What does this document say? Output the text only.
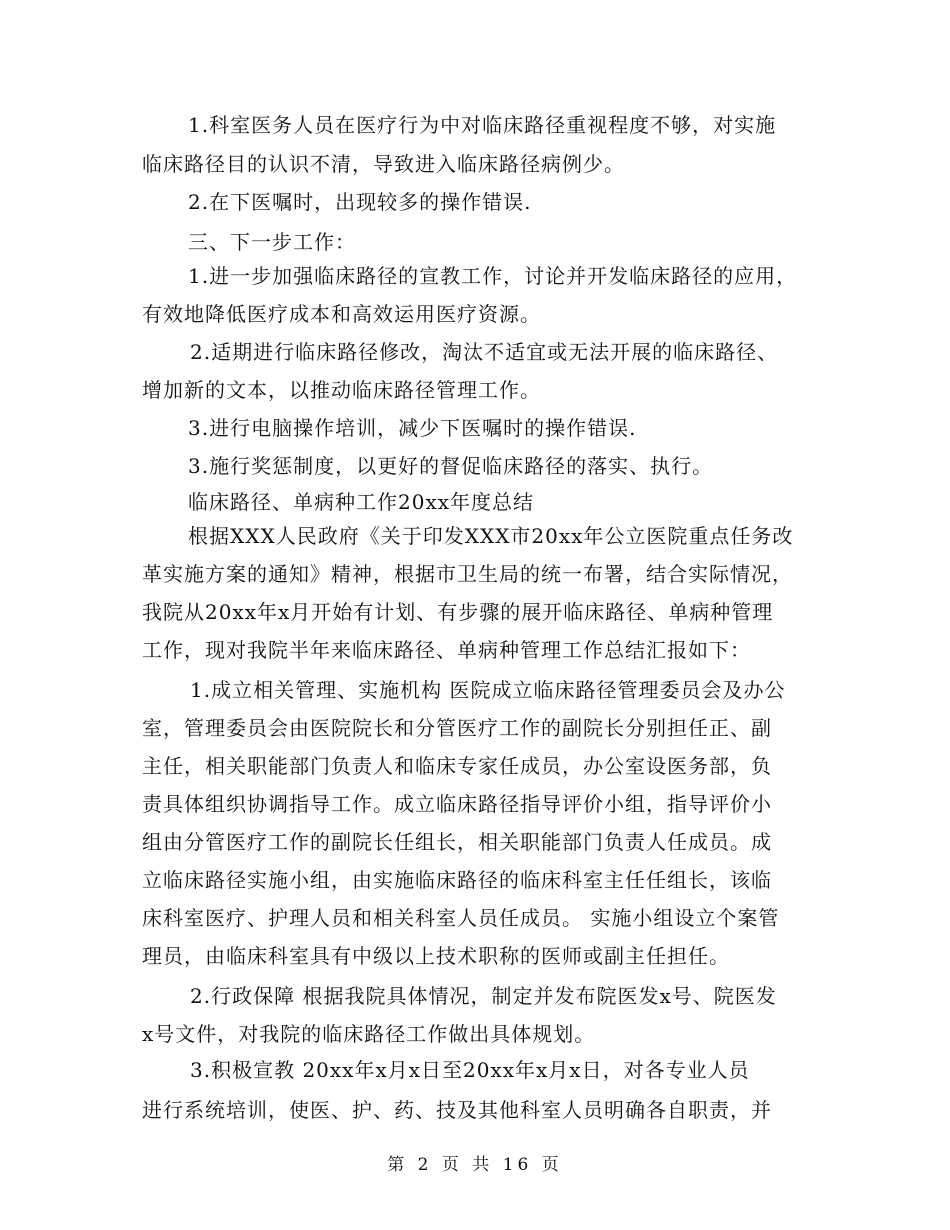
1.科室医务人员在医疗行为中对临床路径重视程度不够，对实施
临床路径目的认识不清，导致进入临床路径病例少。
2.在下医嘱时，出现较多的操作错误.
三、下一步工作：
1.进一步加强临床路径的宣教工作，讨论并开发临床路径的应用，
有效地降低医疗成本和高效运用医疗资源。
2.适期进行临床路径修改，淘汰不适宜或无法开展的临床路径、
增加新的文本，以推动临床路径管理工作。
3.进行电脑操作培训，减少下医嘱时的操作错误.
3.施行奖惩制度，以更好的督促临床路径的落实、执行。
临床路径、单病种工作20xx年度总结
根据XXX人民政府《关于印发XXX市20xx年公立医院重点任务改
革实施方案的通知》精神，根据市卫生局的统一布署，结合实际情况，
我院从20xx年x月开始有计划、有步骤的展开临床路径、单病种管理
工作，现对我院半年来临床路径、单病种管理工作总结汇报如下：
1.成立相关管理、实施机构 医院成立临床路径管理委员会及办公
室，管理委员会由医院院长和分管医疗工作的副院长分别担任正、副
主任，相关职能部门负责人和临床专家任成员，办公室设医务部，负
责具体组织协调指导工作。成立临床路径指导评价小组，指导评价小
组由分管医疗工作的副院长任组长，相关职能部门负责人任成员。成
立临床路径实施小组，由实施临床路径的临床科室主任任组长，该临
床科室医疗、护理人员和相关科室人员任成员。 实施小组设立个案管
理员，由临床科室具有中级以上技术职称的医师或副主任担任。
2.行政保障 根据我院具体情况，制定并发布院医发x号、院医发
x号文件，对我院的临床路径工作做出具体规划。
3.积极宣教 20xx年x月x日至20xx年x月x日，对各专业人员
进行系统培训，使医、护、药、技及其他科室人员明确各自职责，并
第 2 页 共 16 页
